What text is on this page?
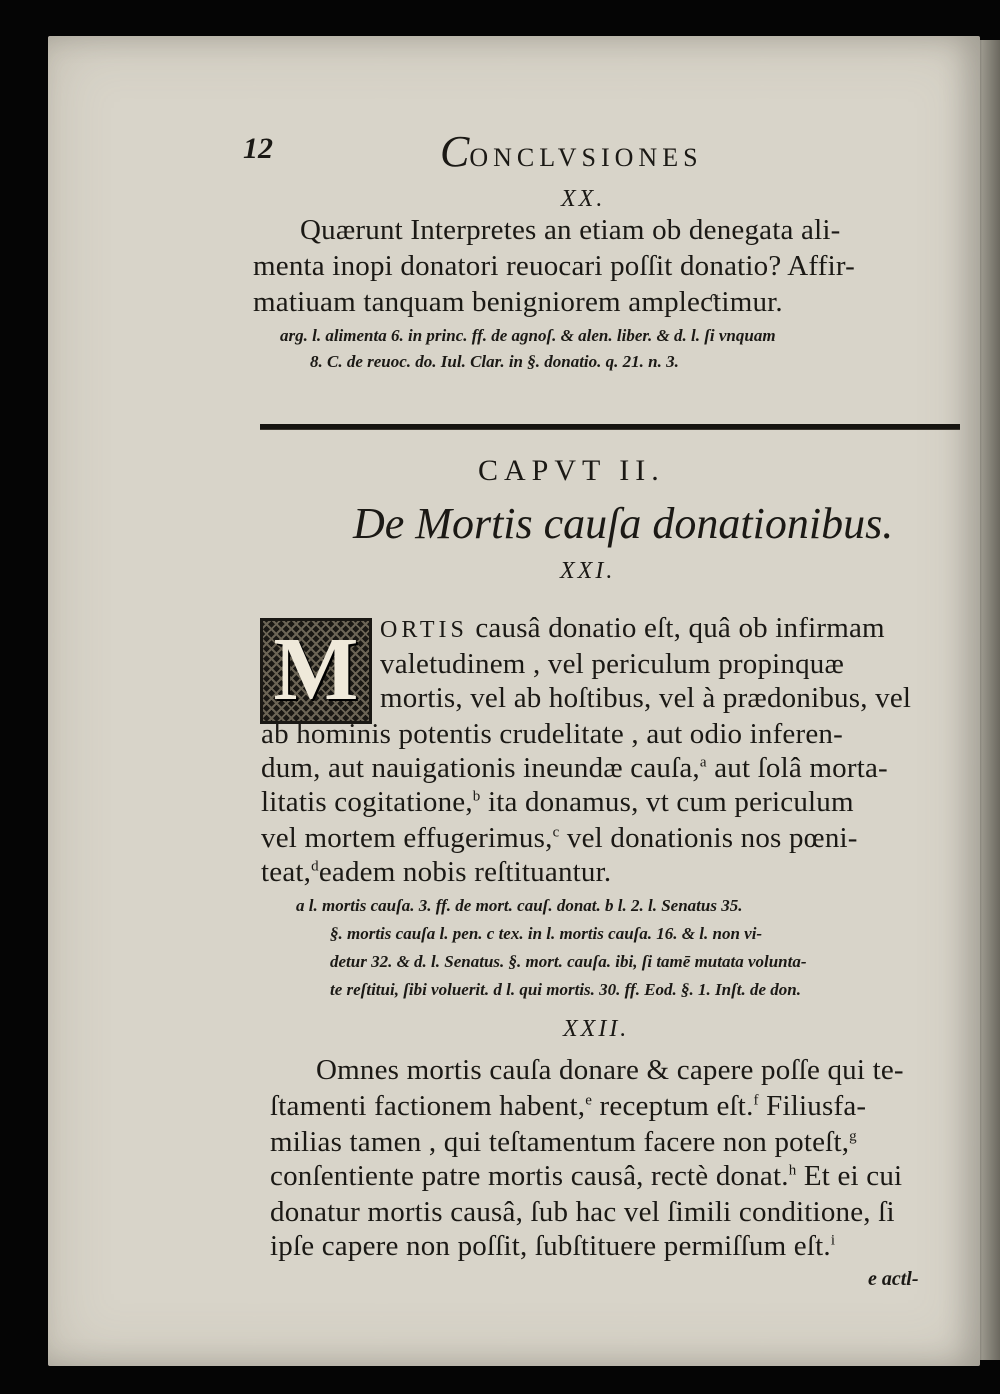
12	CONCLVSIONES
XX.
Quærunt Interpretes an etiam ob denegata ali-
menta inopi donatori reuocari poſſit donatio? Affir-
matiuam tanquam benigniorem ampleƈtimur.
arg. l. alimenta 6. in princ. ff. de agnoſ. & alen. liber. & d. l. ſi vnquam
8. C. de reuoc. do. Iul. Clar. in §. donatio. q. 21. n. 3.
CAPVT II.
De Mortis cauſa donationibus.
XXI.
M ORTIS causâ donatio eſt, quâ ob infirmam
valetudinem , vel periculum propinquæ
mortis, vel ab hoſtibus, vel à prædonibus, vel
ab hominis potentis crudelitate , aut odio inferen-
dum, aut nauigationis ineundæ cauſa,$^a$ aut ſolâ morta-
litatis cogitatione,$^b$ ita donamus, vt cum periculum
vel mortem effugerimus,$^c$ vel donationis nos pœni-
teat,$^d$eadem nobis reſtituantur.
a l. mortis cauſa. 3. ff. de mort. cauſ. donat. b l. 2. l. Senatus 35.
§. mortis cauſa l. pen. c tex. in l. mortis cauſa. 16. & l. non vi-
detur 32. & d. l. Senatus. §. mort. cauſa. ibi, ſi tamē mutata volunta-
te reſtitui, ſibi voluerit. d l. qui mortis. 30. ff. Eod. §. 1. Inſt. de don.
XXII.
Omnes mortis cauſa donare & capere poſſe qui te-
ſtamenti factionem habent,$^e$ receptum eſt.$^f$ Filiusfa-
milias tamen , qui teſtamentum facere non poteſt,$^g$
conſentiente patre mortis causâ, rectè donat.$^h$ Et ei cui
donatur mortis causâ, ſub hac vel ſimili conditione, ſi
ipſe capere non poſſit, ſubſtituere permiſſum eſt.$^i$
e actl-
